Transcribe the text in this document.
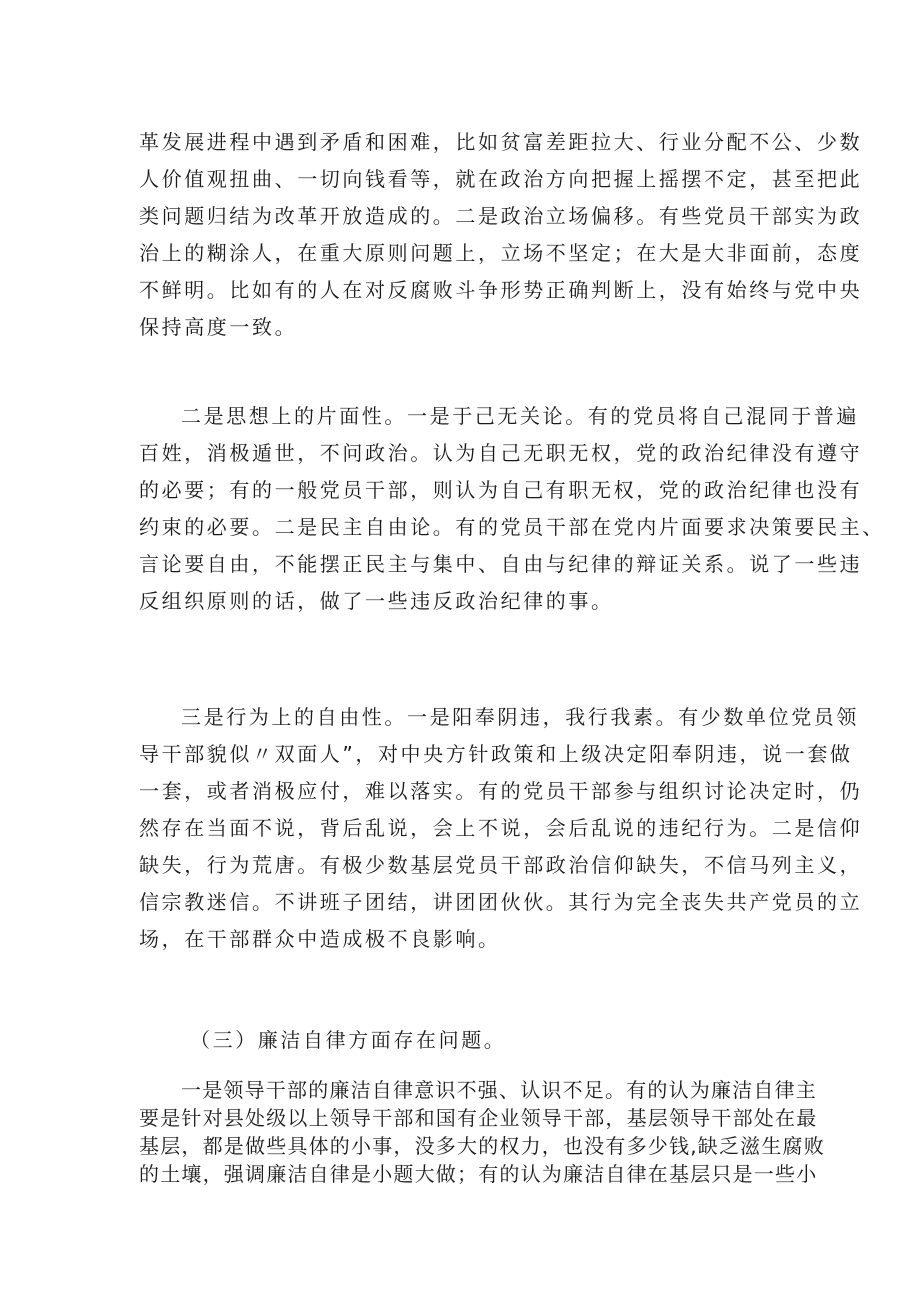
革发展进程中遇到矛盾和困难，比如贫富差距拉大、行业分配不公、少数
人价值观扭曲、一切向钱看等，就在政治方向把握上摇摆不定，甚至把此
类问题归结为改革开放造成的。二是政治立场偏移。有些党员干部实为政
治上的糊涂人，在重大原则问题上，立场不坚定；在大是大非面前，态度
不鲜明。比如有的人在对反腐败斗争形势正确判断上，没有始终与党中央
保持高度一致。
二是思想上的片面性。一是于己无关论。有的党员将自己混同于普遍
百姓，消极遁世，不问政治。认为自己无职无权，党的政治纪律没有遵守
的必要；有的一般党员干部，则认为自己有职无权，党的政治纪律也没有
约束的必要。二是民主自由论。有的党员干部在党内片面要求决策要民主、
言论要自由，不能摆正民主与集中、自由与纪律的辩证关系。说了一些违
反组织原则的话，做了一些违反政治纪律的事。
三是行为上的自由性。一是阳奉阴违，我行我素。有少数单位党员领
导干部貌似〃双面人”，对中央方针政策和上级决定阳奉阴违，说一套做
一套，或者消极应付，难以落实。有的党员干部参与组织讨论决定时，仍
然存在当面不说，背后乱说，会上不说，会后乱说的违纪行为。二是信仰
缺失，行为荒唐。有极少数基层党员干部政治信仰缺失，不信马列主义，
信宗教迷信。不讲班子团结，讲团团伙伙。其行为完全丧失共产党员的立
场，在干部群众中造成极不良影响。
（三）廉洁自律方面存在问题。
一是领导干部的廉洁自律意识不强、认识不足。有的认为廉洁自律主
要是针对县处级以上领导干部和国有企业领导干部，基层领导干部处在最
基层，都是做些具体的小事，没多大的权力，也没有多少钱,缺乏滋生腐败
的土壤，强调廉洁自律是小题大做；有的认为廉洁自律在基层只是一些小
